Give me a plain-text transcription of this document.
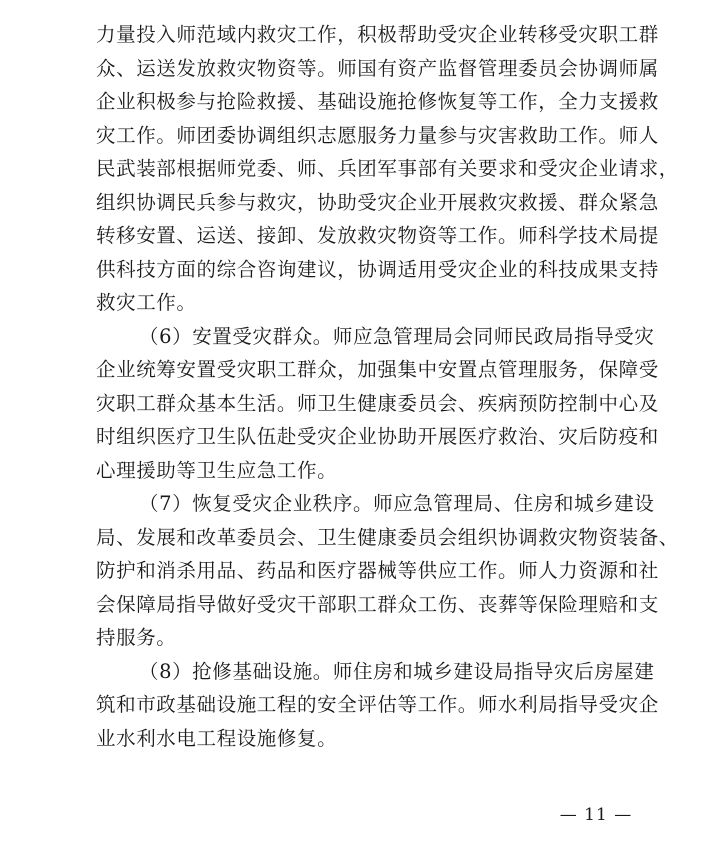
力量投入师范域内救灾工作，积极帮助受灾企业转移受灾职工群
众、运送发放救灾物资等。师国有资产监督管理委员会协调师属
企业积极参与抢险救援、基础设施抢修恢复等工作，全力支援救
灾工作。师团委协调组织志愿服务力量参与灾害救助工作。师人
民武装部根据师党委、师、兵团军事部有关要求和受灾企业请求，
组织协调民兵参与救灾，协助受灾企业开展救灾救援、群众紧急
转移安置、运送、接卸、发放救灾物资等工作。师科学技术局提
供科技方面的综合咨询建议，协调适用受灾企业的科技成果支持
救灾工作。
（6）安置受灾群众。师应急管理局会同师民政局指导受灾
企业统筹安置受灾职工群众，加强集中安置点管理服务，保障受
灾职工群众基本生活。师卫生健康委员会、疾病预防控制中心及
时组织医疗卫生队伍赴受灾企业协助开展医疗救治、灾后防疫和
心理援助等卫生应急工作。
（7）恢复受灾企业秩序。师应急管理局、住房和城乡建设
局、发展和改革委员会、卫生健康委员会组织协调救灾物资装备、
防护和消杀用品、药品和医疗器械等供应工作。师人力资源和社
会保障局指导做好受灾干部职工群众工伤、丧葬等保险理赔和支
持服务。
（8）抢修基础设施。师住房和城乡建设局指导灾后房屋建
筑和市政基础设施工程的安全评估等工作。师水利局指导受灾企
业水利水电工程设施修复。
— 11 —
